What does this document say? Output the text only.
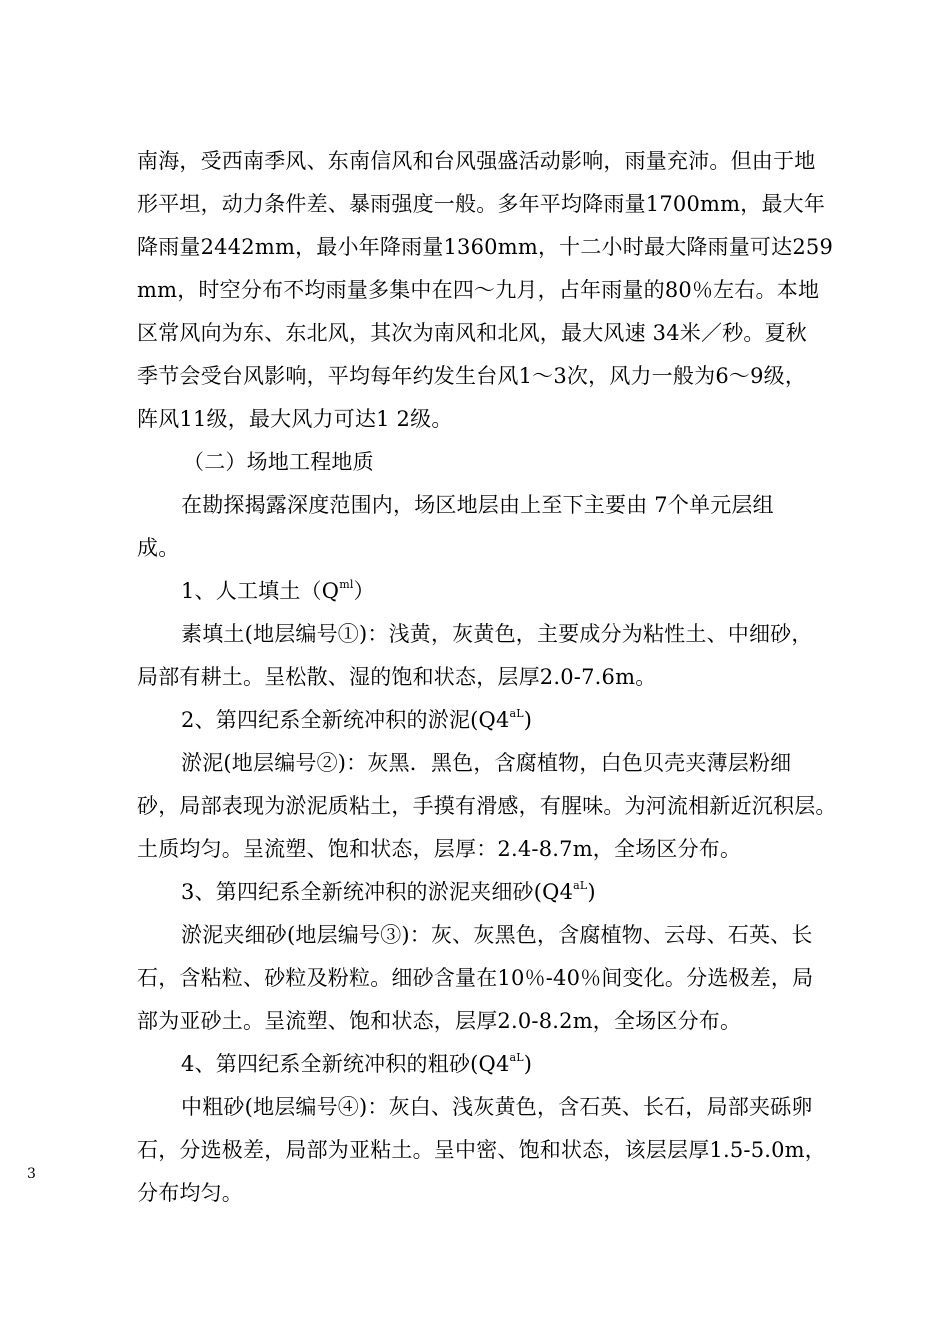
南海，受西南季风、东南信风和台风强盛活动影响，雨量充沛。但由于地
形平坦，动力条件差、暴雨强度一般。多年平均降雨量1700mm，最大年
降雨量2442mm，最小年降雨量1360mm，十二小时最大降雨量可达259
mm，时空分布不均雨量多集中在四～九月，占年雨量的80％左右。本地
区常风向为东、东北风，其次为南风和北风，最大风速 34米／秒。夏秋
季节会受台风影响，平均每年约发生台风1～3次，风力一般为6～9级，
阵风11级，最大风力可达1 2级。
（二）场地工程地质
在勘探揭露深度范围内，场区地层由上至下主要由 7个单元层组
成。
1、人工填土$(Q^{ml})$
素填土(地层编号①)：浅黄，灰黄色，主要成分为粘性土、中细砂，
局部有耕土。呈松散、湿的饱和状态，层厚2.0-7.6m。
2、第四纪系全新统冲积的淤泥$(Q4^{aL})$
淤泥(地层编号②)：灰黑．黑色，含腐植物，白色贝壳夹薄层粉细
砂，局部表现为淤泥质粘土，手摸有滑感，有腥味。为河流相新近沉积层。
土质均匀。呈流塑、饱和状态，层厚：2.4-8.7m，全场区分布。
3、第四纪系全新统冲积的淤泥夹细砂$(Q4^{aL})$
淤泥夹细砂(地层编号③)：灰、灰黑色，含腐植物、云母、石英、长
石，含粘粒、砂粒及粉粒。细砂含量在10％-40％间变化。分选极差，局
部为亚砂土。呈流塑、饱和状态，层厚2.0-8.2m，全场区分布。
4、第四纪系全新统冲积的粗砂$(Q4^{aL})$
中粗砂(地层编号④)：灰白、浅灰黄色，含石英、长石，局部夹砾卵
石，分选极差，局部为亚粘土。呈中密、饱和状态，该层层厚1.5-5.0m，
分布均匀。
3
